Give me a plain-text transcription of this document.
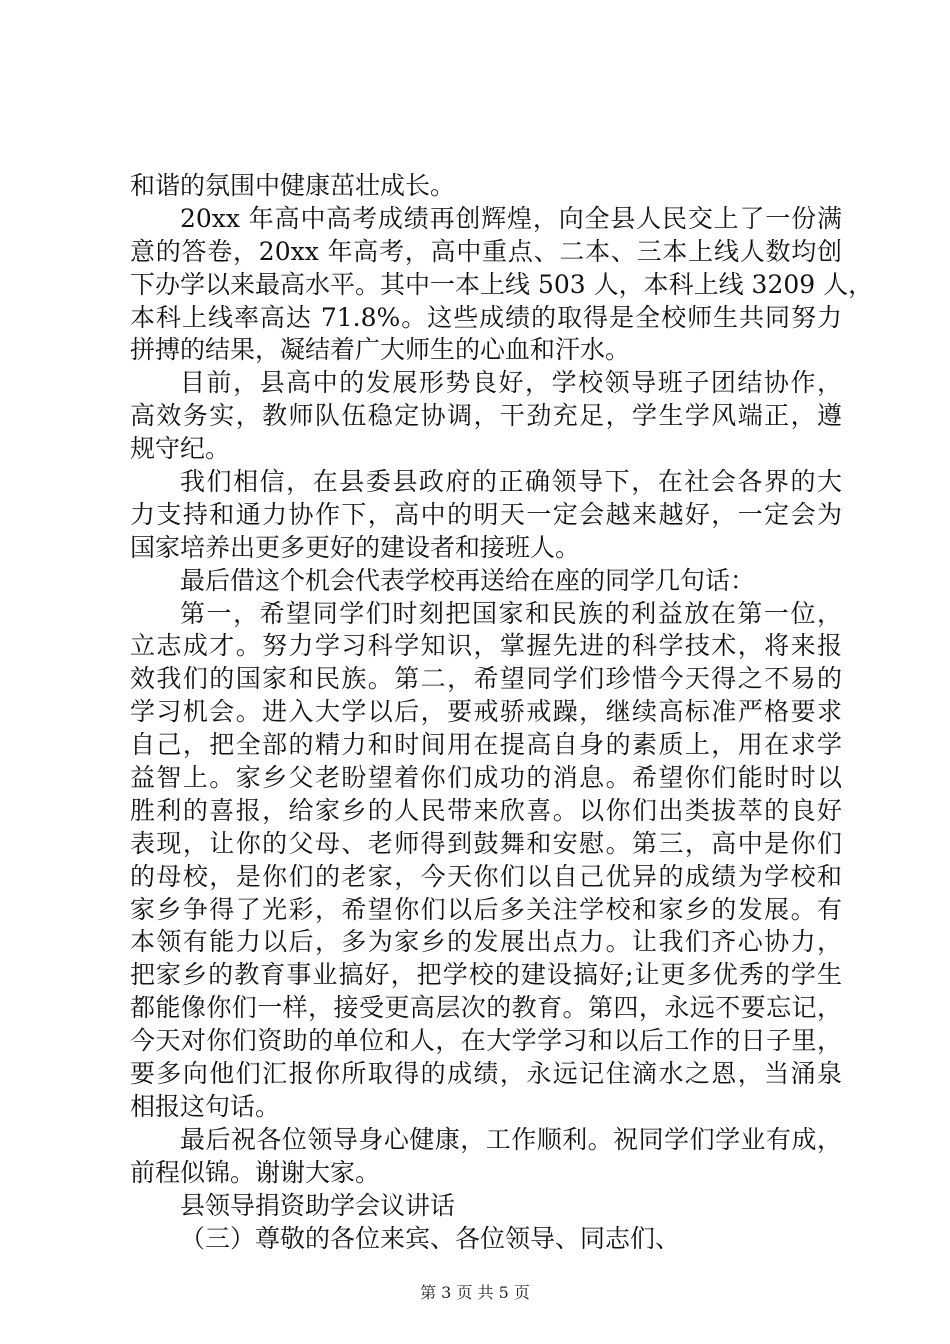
和谐的氛围中健康茁壮成长。
20xx 年高中高考成绩再创辉煌，向全县人民交上了一份满
意的答卷，20xx 年高考，高中重点、二本、三本上线人数均创
下办学以来最高水平。其中一本上线 503 人，本科上线 3209 人，
本科上线率高达 71.8%。这些成绩的取得是全校师生共同努力
拼搏的结果，凝结着广大师生的心血和汗水。
目前，县高中的发展形势良好，学校领导班子团结协作，
高效务实，教师队伍稳定协调，干劲充足，学生学风端正，遵
规守纪。
我们相信，在县委县政府的正确领导下，在社会各界的大
力支持和通力协作下，高中的明天一定会越来越好，一定会为
国家培养出更多更好的建设者和接班人。
最后借这个机会代表学校再送给在座的同学几句话：
第一，希望同学们时刻把国家和民族的利益放在第一位，
立志成才。努力学习科学知识，掌握先进的科学技术，将来报
效我们的国家和民族。第二，希望同学们珍惜今天得之不易的
学习机会。进入大学以后，要戒骄戒躁，继续高标准严格要求
自己，把全部的精力和时间用在提高自身的素质上，用在求学
益智上。家乡父老盼望着你们成功的消息。希望你们能时时以
胜利的喜报，给家乡的人民带来欣喜。以你们出类拔萃的良好
表现，让你的父母、老师得到鼓舞和安慰。第三，高中是你们
的母校，是你们的老家，今天你们以自己优异的成绩为学校和
家乡争得了光彩，希望你们以后多关注学校和家乡的发展。有
本领有能力以后，多为家乡的发展出点力。让我们齐心协力，
把家乡的教育事业搞好，把学校的建设搞好;让更多优秀的学生
都能像你们一样，接受更高层次的教育。第四，永远不要忘记，
今天对你们资助的单位和人，在大学学习和以后工作的日子里，
要多向他们汇报你所取得的成绩，永远记住滴水之恩，当涌泉
相报这句话。
最后祝各位领导身心健康，工作顺利。祝同学们学业有成，
前程似锦。谢谢大家。
县领导捐资助学会议讲话
（三）尊敬的各位来宾、各位领导、同志们、
第 3 页 共 5 页
